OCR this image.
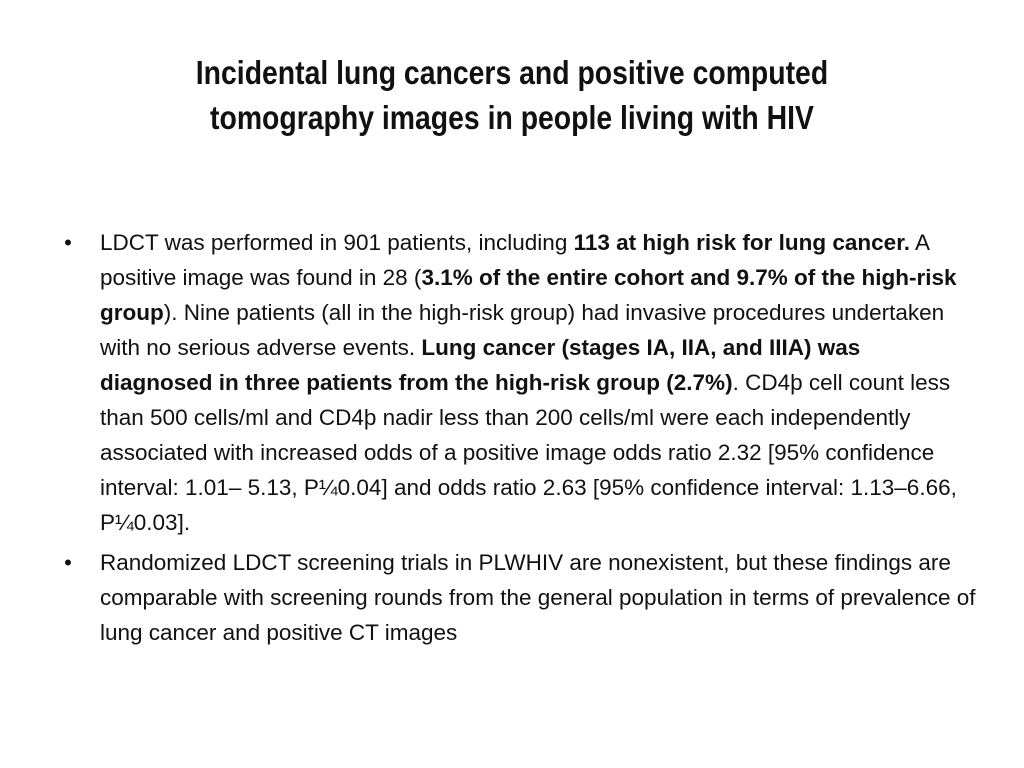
Incidental lung cancers and positive computed
tomography images in people living with HIV
• LDCT was performed in 901 patients, including 113 at high risk for lung cancer. A positive image was found in 28 (3.1% of the entire cohort and 9.7% of the high-risk group). Nine patients (all in the high-risk group) had invasive procedures undertaken with no serious adverse events. Lung cancer (stages IA, IIA, and IIIA) was diagnosed in three patients from the high-risk group (2.7%). CD4þ cell count less than 500 cells/ml and CD4þ nadir less than 200 cells/ml were each independently associated with increased odds of a positive image odds ratio 2.32 [95% confidence interval: 1.01– 5.13, P¼0.04] and odds ratio 2.63 [95% confidence interval: 1.13–6.66, P¼0.03].
• Randomized LDCT screening trials in PLWHIV are nonexistent, but these findings are comparable with screening rounds from the general population in terms of prevalence of lung cancer and positive CT images
